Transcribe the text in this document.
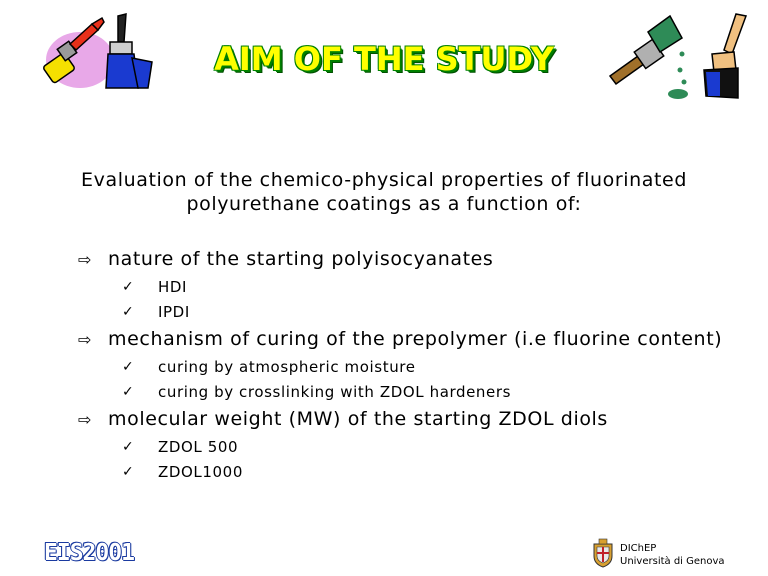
AIM OF THE STUDY
Evaluation of the chemico-physical properties of fluorinated
polyurethane coatings as a function of:
⇨ nature of the starting polyisocyanates
✓	HDI
✓	IPDI
⇨ mechanism of curing of the prepolymer (i.e fluorine content)
✓	curing by atmospheric moisture
✓	curing by crosslinking with ZDOL hardeners
⇨ molecular weight (MW) of the starting ZDOL diols
✓	ZDOL 500
✓	ZDOL1000
EIS2001	DIChEP
Università di Genova
